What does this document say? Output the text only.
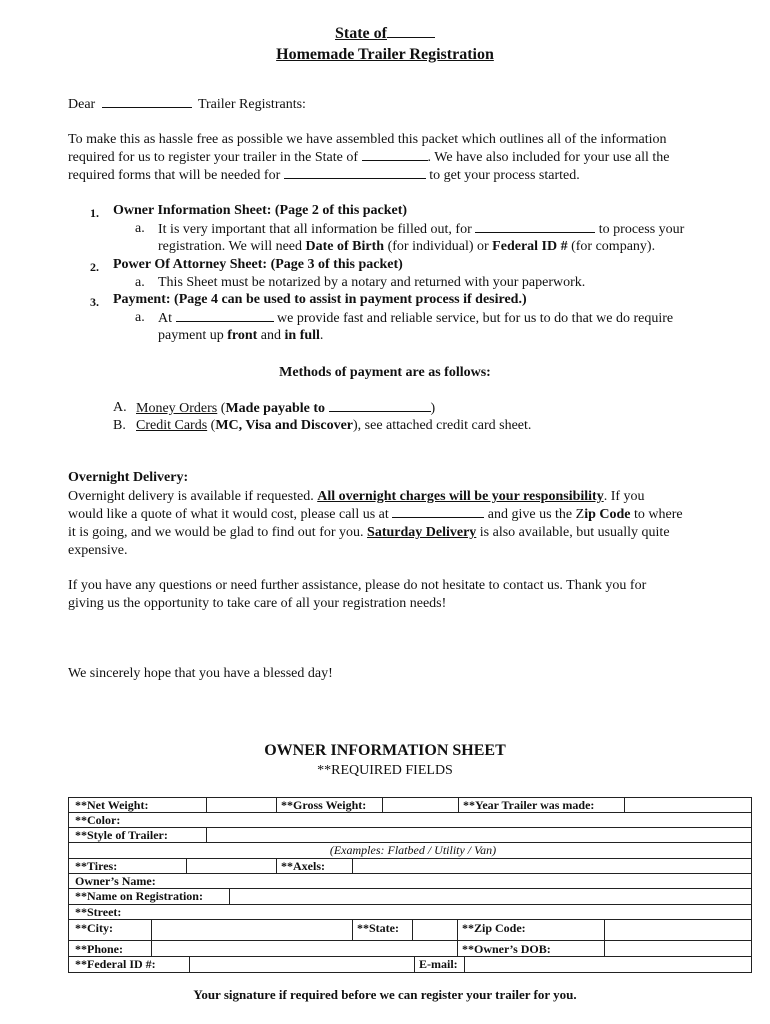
State of
Homemade Trailer Registration
Dear	Trailer Registrants:

To make this as hassle free as possible we have assembled this packet which outlines all of the information
required for us to register your trailer in the State of	. We have also included for your use all the
required forms that will be needed for	to get your process started.

1. Owner Information Sheet: (Page 2 of this packet)
a. It is very important that all information be filled out, for	to process your
registration. We will need Date of Birth (for individual) or Federal ID # (for company).
2. Power Of Attorney Sheet: (Page 3 of this packet)
a. This Sheet must be notarized by a notary and returned with your paperwork.
3. Payment: (Page 4 can be used to assist in payment process if desired.)
a. At	we provide fast and reliable service, but for us to do that we do require
payment up front and in full.
Methods of payment are as follows:
A. Money Orders (Made payable to	)
B. Credit Cards (MC, Visa and Discover), see attached credit card sheet.
Overnight Delivery:

Overnight delivery is available if requested. All overnight charges will be your responsibility. If you
would like a quote of what it would cost, please call us at	and give us the Zip Code to where
it is going, and we would be glad to find out for you. Saturday Delivery is also available, but usually quite
expensive.

If you have any questions or need further assistance, please do not hesitate to contact us. Thank you for
giving us the opportunity to take care of all your registration needs!

We sincerely hope that you have a blessed day!
OWNER INFORMATION SHEET
**REQUIRED FIELDS
**Net Weight:	**Gross Weight:	**Year Trailer was made:
**Color:
**Style of Trailer:
(Examples: Flatbed / Utility / Van)
**Tires:	**Axels:
Owner’s Name:
**Name on Registration:
**Street:
**City:	**State:	**Zip Code:
**Phone:	**Owner’s DOB:
**Federal ID #:	E-mail:
Your signature if required before we can register your trailer for you.
